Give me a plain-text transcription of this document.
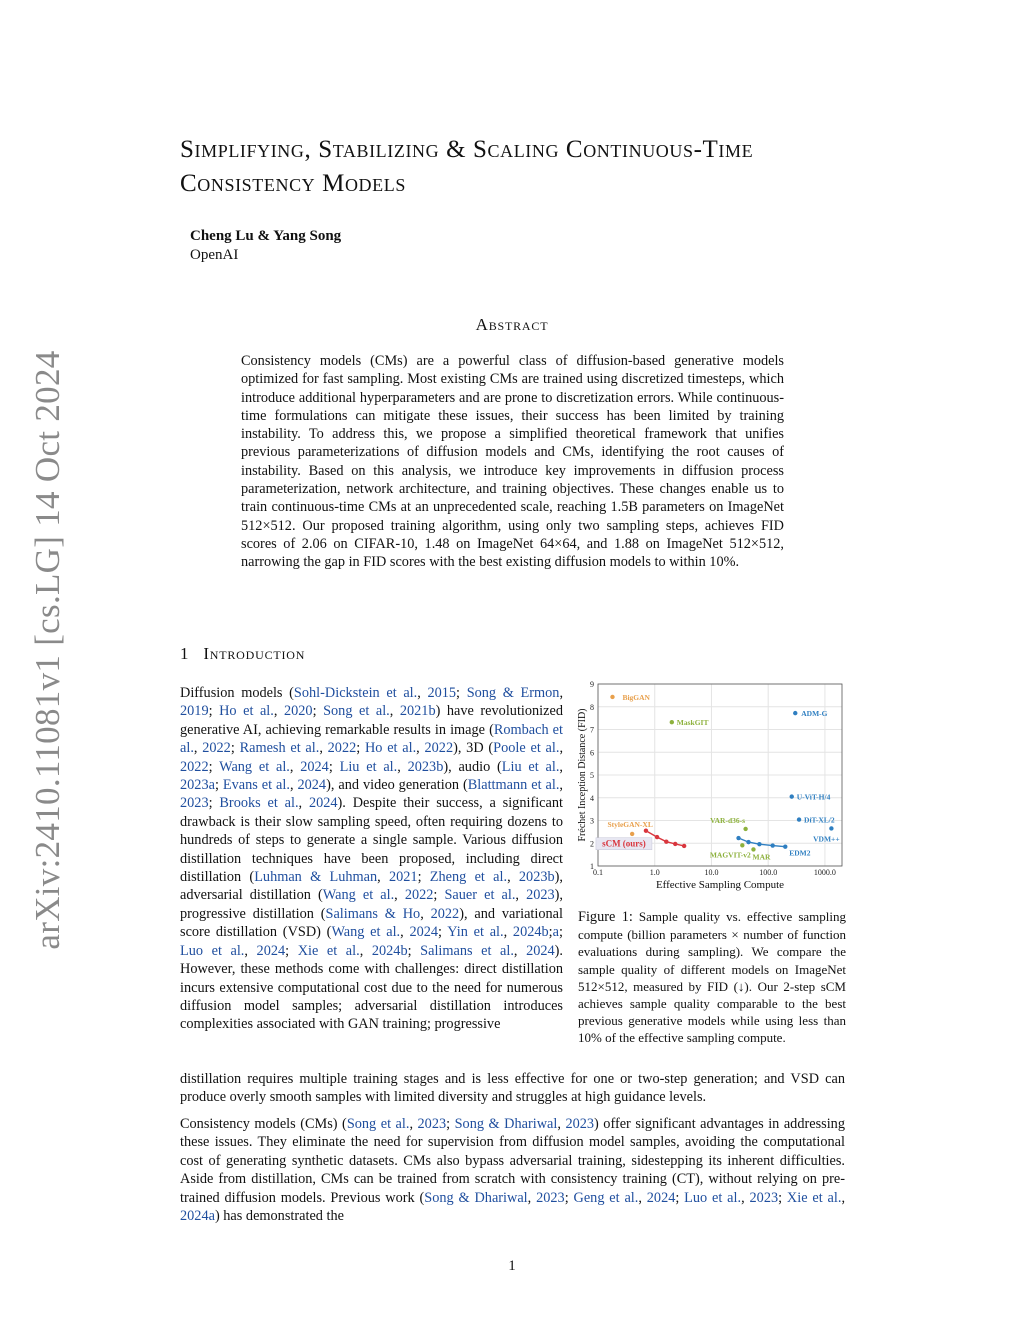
arXiv:2410.11081v1 [cs.LG] 14 Oct 2024
Simplifying, Stabilizing & Scaling Continuous-Time Consistency Models
Cheng Lu & Yang Song
OpenAI
Abstract
Consistency models (CMs) are a powerful class of diffusion-based generative models optimized for fast sampling. Most existing CMs are trained using discretized timesteps, which introduce additional hyperparameters and are prone to discretization errors. While continuous-time formulations can mitigate these issues, their success has been limited by training instability. To address this, we propose a simplified theoretical framework that unifies previous parameterizations of diffusion models and CMs, identifying the root causes of instability. Based on this analysis, we introduce key improvements in diffusion process parameterization, network architecture, and training objectives. These changes enable us to train continuous-time CMs at an unprecedented scale, reaching 1.5B parameters on ImageNet 512×512. Our proposed training algorithm, using only two sampling steps, achieves FID scores of 2.06 on CIFAR-10, 1.48 on ImageNet 64×64, and 1.88 on ImageNet 512×512, narrowing the gap in FID scores with the best existing diffusion models to within 10%.
1 Introduction
Diffusion models (Sohl-Dickstein et al., 2015; Song & Ermon, 2019; Ho et al., 2020; Song et al., 2021b) have revolutionized generative AI, achieving remarkable results in image (Rombach et al., 2022; Ramesh et al., 2022; Ho et al., 2022), 3D (Poole et al., 2022; Wang et al., 2024; Liu et al., 2023b), audio (Liu et al., 2023a; Evans et al., 2024), and video generation (Blattmann et al., 2023; Brooks et al., 2024). Despite their success, a significant drawback is their slow sampling speed, often requiring dozens to hundreds of steps to generate a single sample. Various diffusion distillation techniques have been proposed, including direct distillation (Luhman & Luhman, 2021; Zheng et al., 2023b), adversarial distillation (Wang et al., 2022; Sauer et al., 2023), progressive distillation (Salimans & Ho, 2022), and variational score distillation (VSD) (Wang et al., 2024; Yin et al., 2024b;a; Luo et al., 2024; Xie et al., 2024b; Salimans et al., 2024). However, these methods come with challenges: direct distillation incurs extensive computational cost due to the need for numerous diffusion model samples; adversarial distillation introduces complexities associated with GAN training; progressive
0.1	1.0	10.0	100.0	1000.0
1
2
3
4
5
6
7
8
9
Effective Sampling Compute
Fréchet Inception Distance (FID)
BigGAN
StyleGAN-XL
MaskGIT
VAR-d36-s
MAGVIT-v2 MAR
ADM-G
U-ViT-H/4
DiT-XL/2
VDM++
EDM2
sCM (ours)
Figure 1: Sample quality vs. effective sampling compute (billion parameters × number of function evaluations during sampling). We compare the sample quality of different models on ImageNet 512×512, measured by FID (↓). Our 2-step sCM achieves sample quality comparable to the best previous generative models while using less than 10% of the effective sampling compute.
distillation requires multiple training stages and is less effective for one or two-step generation; and VSD can produce overly smooth samples with limited diversity and struggles at high guidance levels.
Consistency models (CMs) (Song et al., 2023; Song & Dhariwal, 2023) offer significant advantages in addressing these issues. They eliminate the need for supervision from diffusion model samples, avoiding the computational cost of generating synthetic datasets. CMs also bypass adversarial training, sidestepping its inherent difficulties. Aside from distillation, CMs can be trained from scratch with consistency training (CT), without relying on pre-trained diffusion models. Previous work (Song & Dhariwal, 2023; Geng et al., 2024; Luo et al., 2023; Xie et al., 2024a) has demonstrated the
1
